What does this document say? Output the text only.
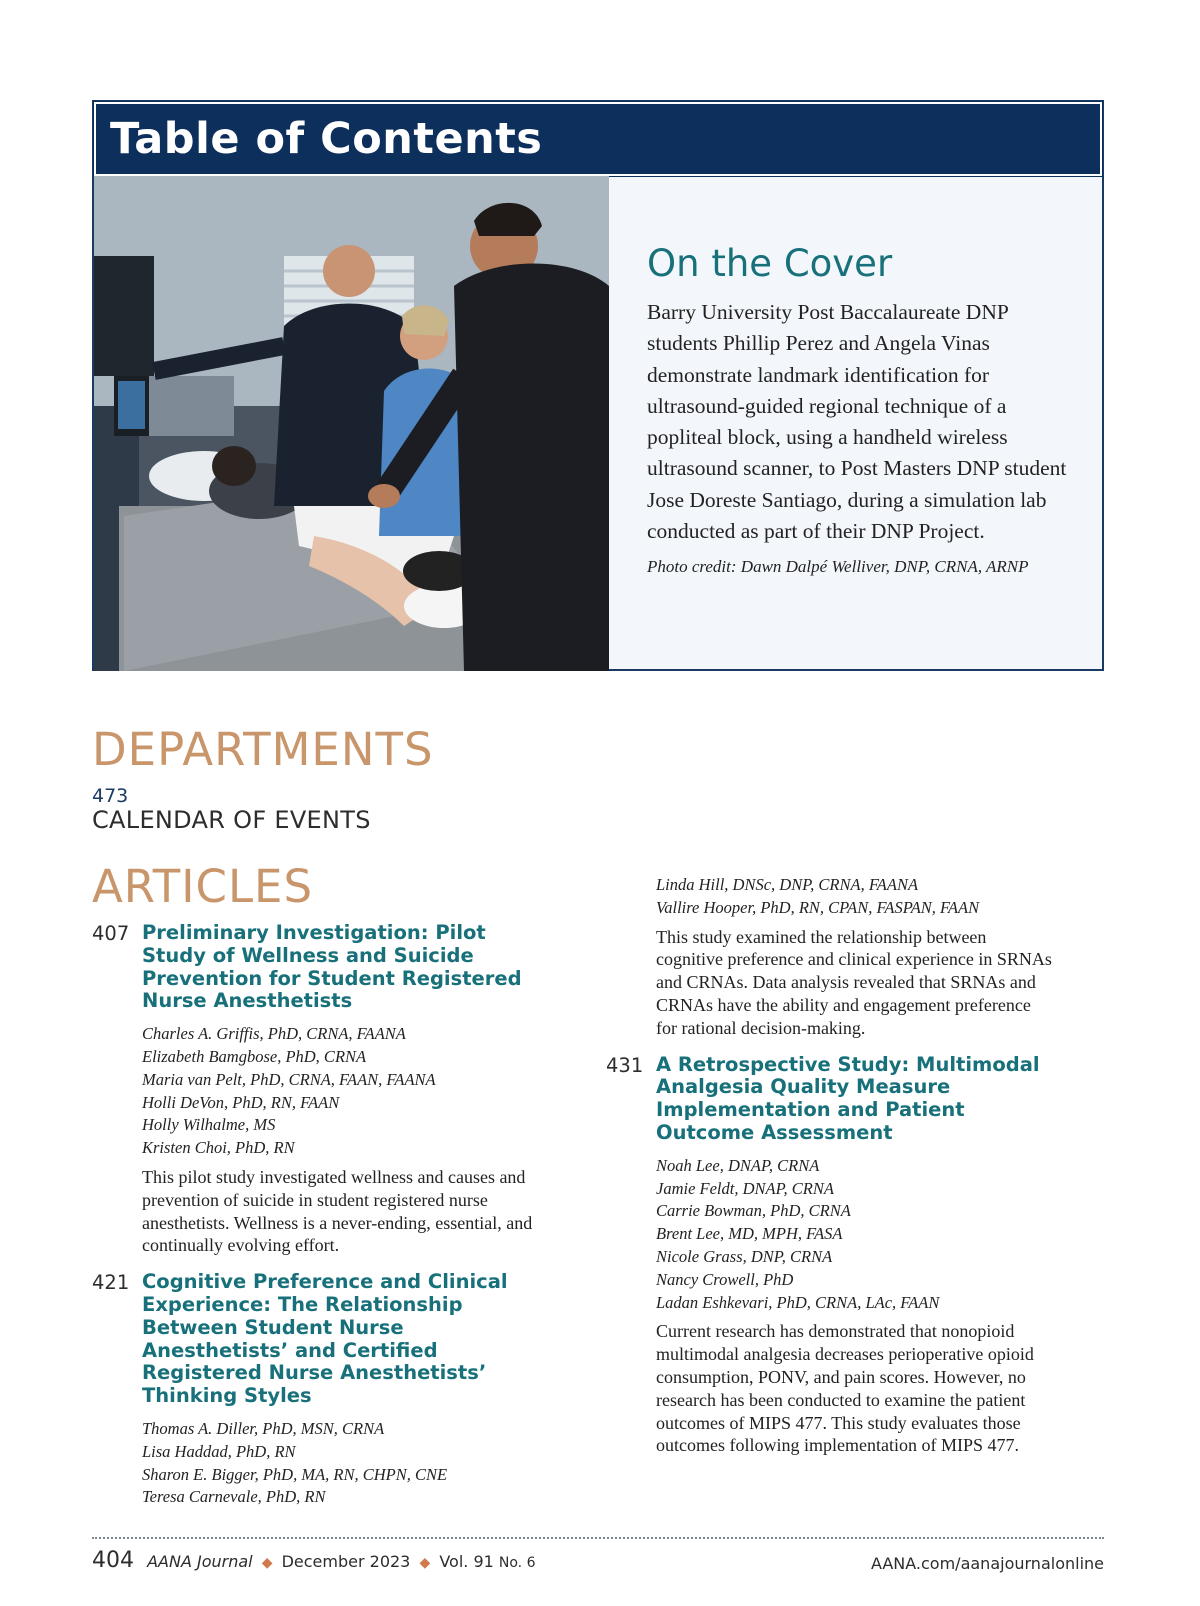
Table of Contents
On the Cover

Barry University Post Baccalaureate DNP students Phillip Perez and Angela Vinas demonstrate landmark identification for ultrasound-guided regional technique of a popliteal block, using a handheld wireless ultrasound scanner, to Post Masters DNP student Jose Doreste Santiago, during a simulation lab conducted as part of their DNP Project.

Photo credit: Dawn Dalpé Welliver, DNP, CRNA, ARNP

DEPARTMENTS
473
CALENDAR OF EVENTS
ARTICLES
407 Preliminary Investigation: Pilot Study of Wellness and Suicide Prevention for Student Registered Nurse Anesthetists
Charles A. Griffis, PhD, CRNA, FAANA
Elizabeth Bamgbose, PhD, CRNA
Maria van Pelt, PhD, CRNA, FAAN, FAANA
Holli DeVon, PhD, RN, FAAN
Holly Wilhalme, MS
Kristen Choi, PhD, RN

This pilot study investigated wellness and causes and prevention of suicide in student registered nurse anesthetists. Wellness is a never-ending, essential, and continually evolving effort.

421 Cognitive Preference and Clinical Experience: The Relationship Between Student Nurse Anesthetists’ and Certified Registered Nurse Anesthetists’ Thinking Styles
Thomas A. Diller, PhD, MSN, CRNA
Lisa Haddad, PhD, RN
Sharon E. Bigger, PhD, MA, RN, CHPN, CNE
Teresa Carnevale, PhD, RN
Linda Hill, DNSc, DNP, CRNA, FAANA
Vallire Hooper, PhD, RN, CPAN, FASPAN, FAAN

This study examined the relationship between cognitive preference and clinical experience in SRNAs and CRNAs. Data analysis revealed that SRNAs and CRNAs have the ability and engagement preference for rational decision-making.

431 A Retrospective Study: Multimodal Analgesia Quality Measure Implementation and Patient Outcome Assessment
Noah Lee, DNAP, CRNA
Jamie Feldt, DNAP, CRNA
Carrie Bowman, PhD, CRNA
Brent Lee, MD, MPH, FASA
Nicole Grass, DNP, CRNA
Nancy Crowell, PhD
Ladan Eshkevari, PhD, CRNA, LAc, FAAN

Current research has demonstrated that nonopioid multimodal analgesia decreases perioperative opioid consumption, PONV, and pain scores. However, no research has been conducted to examine the patient outcomes of MIPS 477. This study evaluates those outcomes following implementation of MIPS 477.

404 AANA Journal ◆ December 2023 ◆ Vol. 91 No. 6	AANA.com/aanajournalonline
